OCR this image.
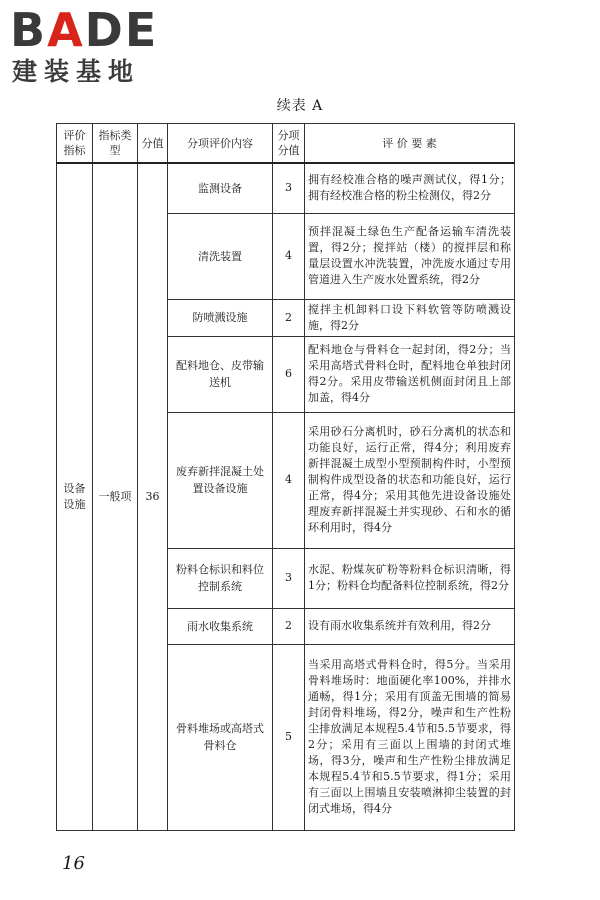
BADE
建装基地
续表 A
评价指标	指标类型	分值	分项评价内容	分项分值	评 价 要 素
设备设施	一般项	36	监测设备	3	拥有经校准合格的噪声测试仪，得1分；拥有经校准合格的粉尘检测仪，得2分
			清洗装置	4	预拌混凝土绿色生产配备运输车清洗装置，得2分；搅拌站（楼）的搅拌层和称量层设置水冲洗装置，冲洗废水通过专用管道进入生产废水处置系统，得2分
			防喷溅设施	2	搅拌主机卸料口设下料软管等防喷溅设施，得2分
			配料地仓、皮带输送机	6	配料地仓与骨料仓一起封闭，得2分；当采用高塔式骨料仓时，配料地仓单独封闭得2分。采用皮带输送机侧面封闭且上部加盖，得4分
			废弃新拌混凝土处置设备设施	4	采用砂石分离机时，砂石分离机的状态和功能良好，运行正常，得4分；利用废弃新拌混凝土成型小型预制构件时，小型预制构件成型设备的状态和功能良好，运行正常，得4分；采用其他先进设备设施处理废弃新拌混凝土并实现砂、石和水的循环利用时，得4分
			粉料仓标识和料位控制系统	3	水泥、粉煤灰矿粉等粉料仓标识清晰，得1分；粉料仓均配备料位控制系统，得2分
			雨水收集系统	2	设有雨水收集系统并有效利用，得2分
			骨料堆场或高塔式骨料仓	5	当采用高塔式骨料仓时，得5分。当采用骨料堆场时：地面硬化率100%，并排水通畅，得1分；采用有顶盖无围墙的简易封闭骨料堆场，得2分，噪声和生产性粉尘排放满足本规程5.4节和5.5节要求，得2分；采用有三面以上围墙的封闭式堆场，得3分，噪声和生产性粉尘排放满足本规程5.4节和5.5节要求，得1分；采用有三面以上围墙且安装喷淋抑尘装置的封闭式堆场，得4分
16
